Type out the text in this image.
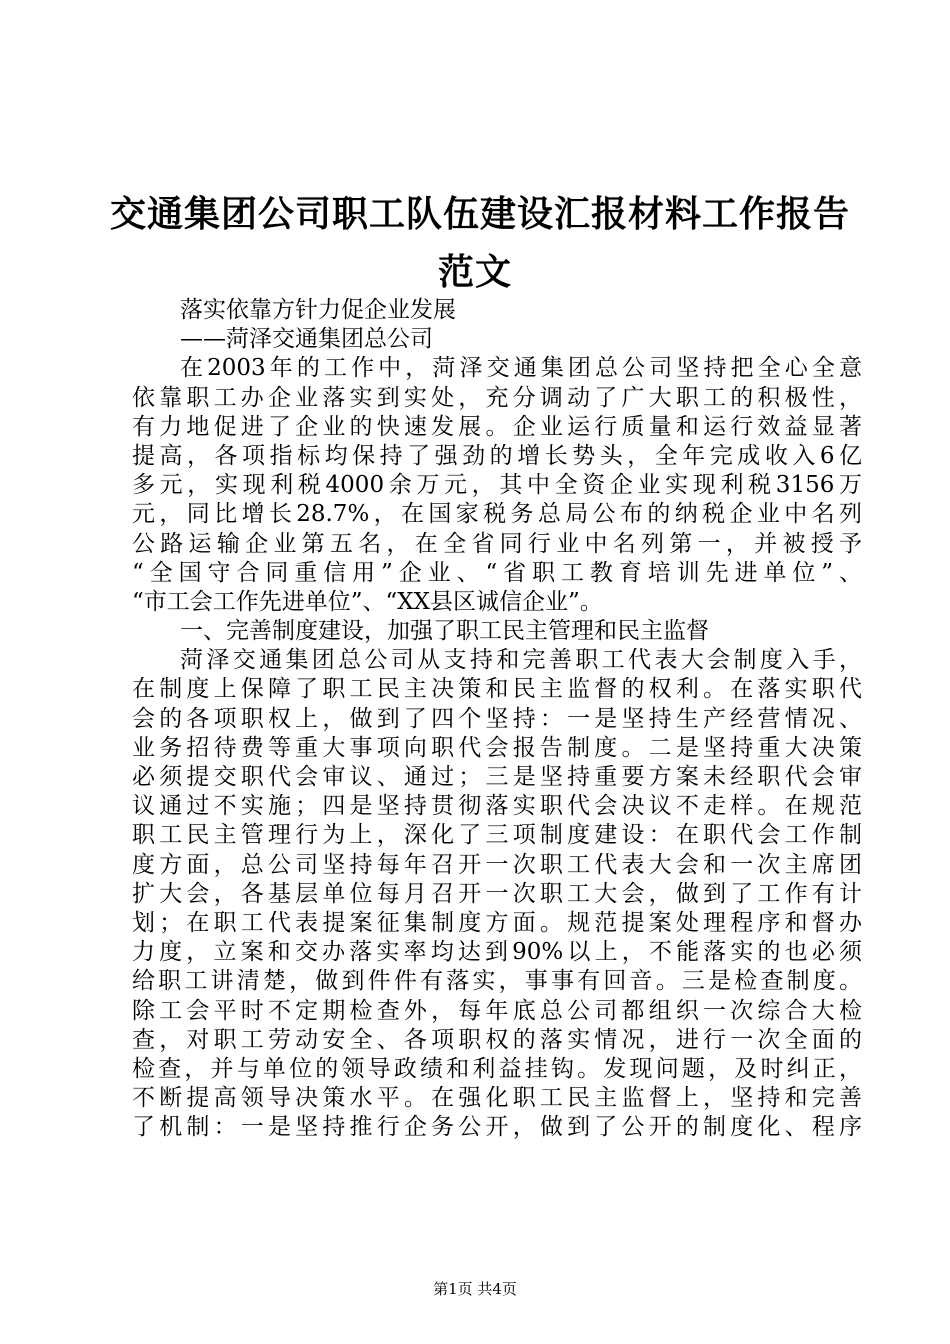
交通集团公司职工队伍建设汇报材料工作报告
范文
落实依靠方针力促企业发展
——菏泽交通集团总公司
在2003年的工作中，菏泽交通集团总公司坚持把全心全意
依靠职工办企业落实到实处，充分调动了广大职工的积极性，
有力地促进了企业的快速发展。企业运行质量和运行效益显著
提高，各项指标均保持了强劲的增长势头，全年完成收入6亿
多元，实现利税4000余万元，其中全资企业实现利税3156万
元，同比增长28.7%，在国家税务总局公布的纳税企业中名列
公路运输企业第五名，在全省同行业中名列第一，并被授予
“全国守合同重信用”企业、“省职工教育培训先进单位”、
“市工会工作先进单位”、“XX县区诚信企业”。
一、完善制度建设，加强了职工民主管理和民主监督
菏泽交通集团总公司从支持和完善职工代表大会制度入手，
在制度上保障了职工民主决策和民主监督的权利。在落实职代
会的各项职权上，做到了四个坚持：一是坚持生产经营情况、
业务招待费等重大事项向职代会报告制度。二是坚持重大决策
必须提交职代会审议、通过；三是坚持重要方案未经职代会审
议通过不实施；四是坚持贯彻落实职代会决议不走样。在规范
职工民主管理行为上，深化了三项制度建设：在职代会工作制
度方面，总公司坚持每年召开一次职工代表大会和一次主席团
扩大会，各基层单位每月召开一次职工大会，做到了工作有计
划；在职工代表提案征集制度方面。规范提案处理程序和督办
力度，立案和交办落实率均达到90%以上，不能落实的也必须
给职工讲清楚，做到件件有落实，事事有回音。三是检查制度。
除工会平时不定期检查外，每年底总公司都组织一次综合大检
查，对职工劳动安全、各项职权的落实情况，进行一次全面的
检查，并与单位的领导政绩和利益挂钩。发现问题，及时纠正，
不断提高领导决策水平。在强化职工民主监督上，坚持和完善
了机制：一是坚持推行企务公开，做到了公开的制度化、程序
第1页 共4页
